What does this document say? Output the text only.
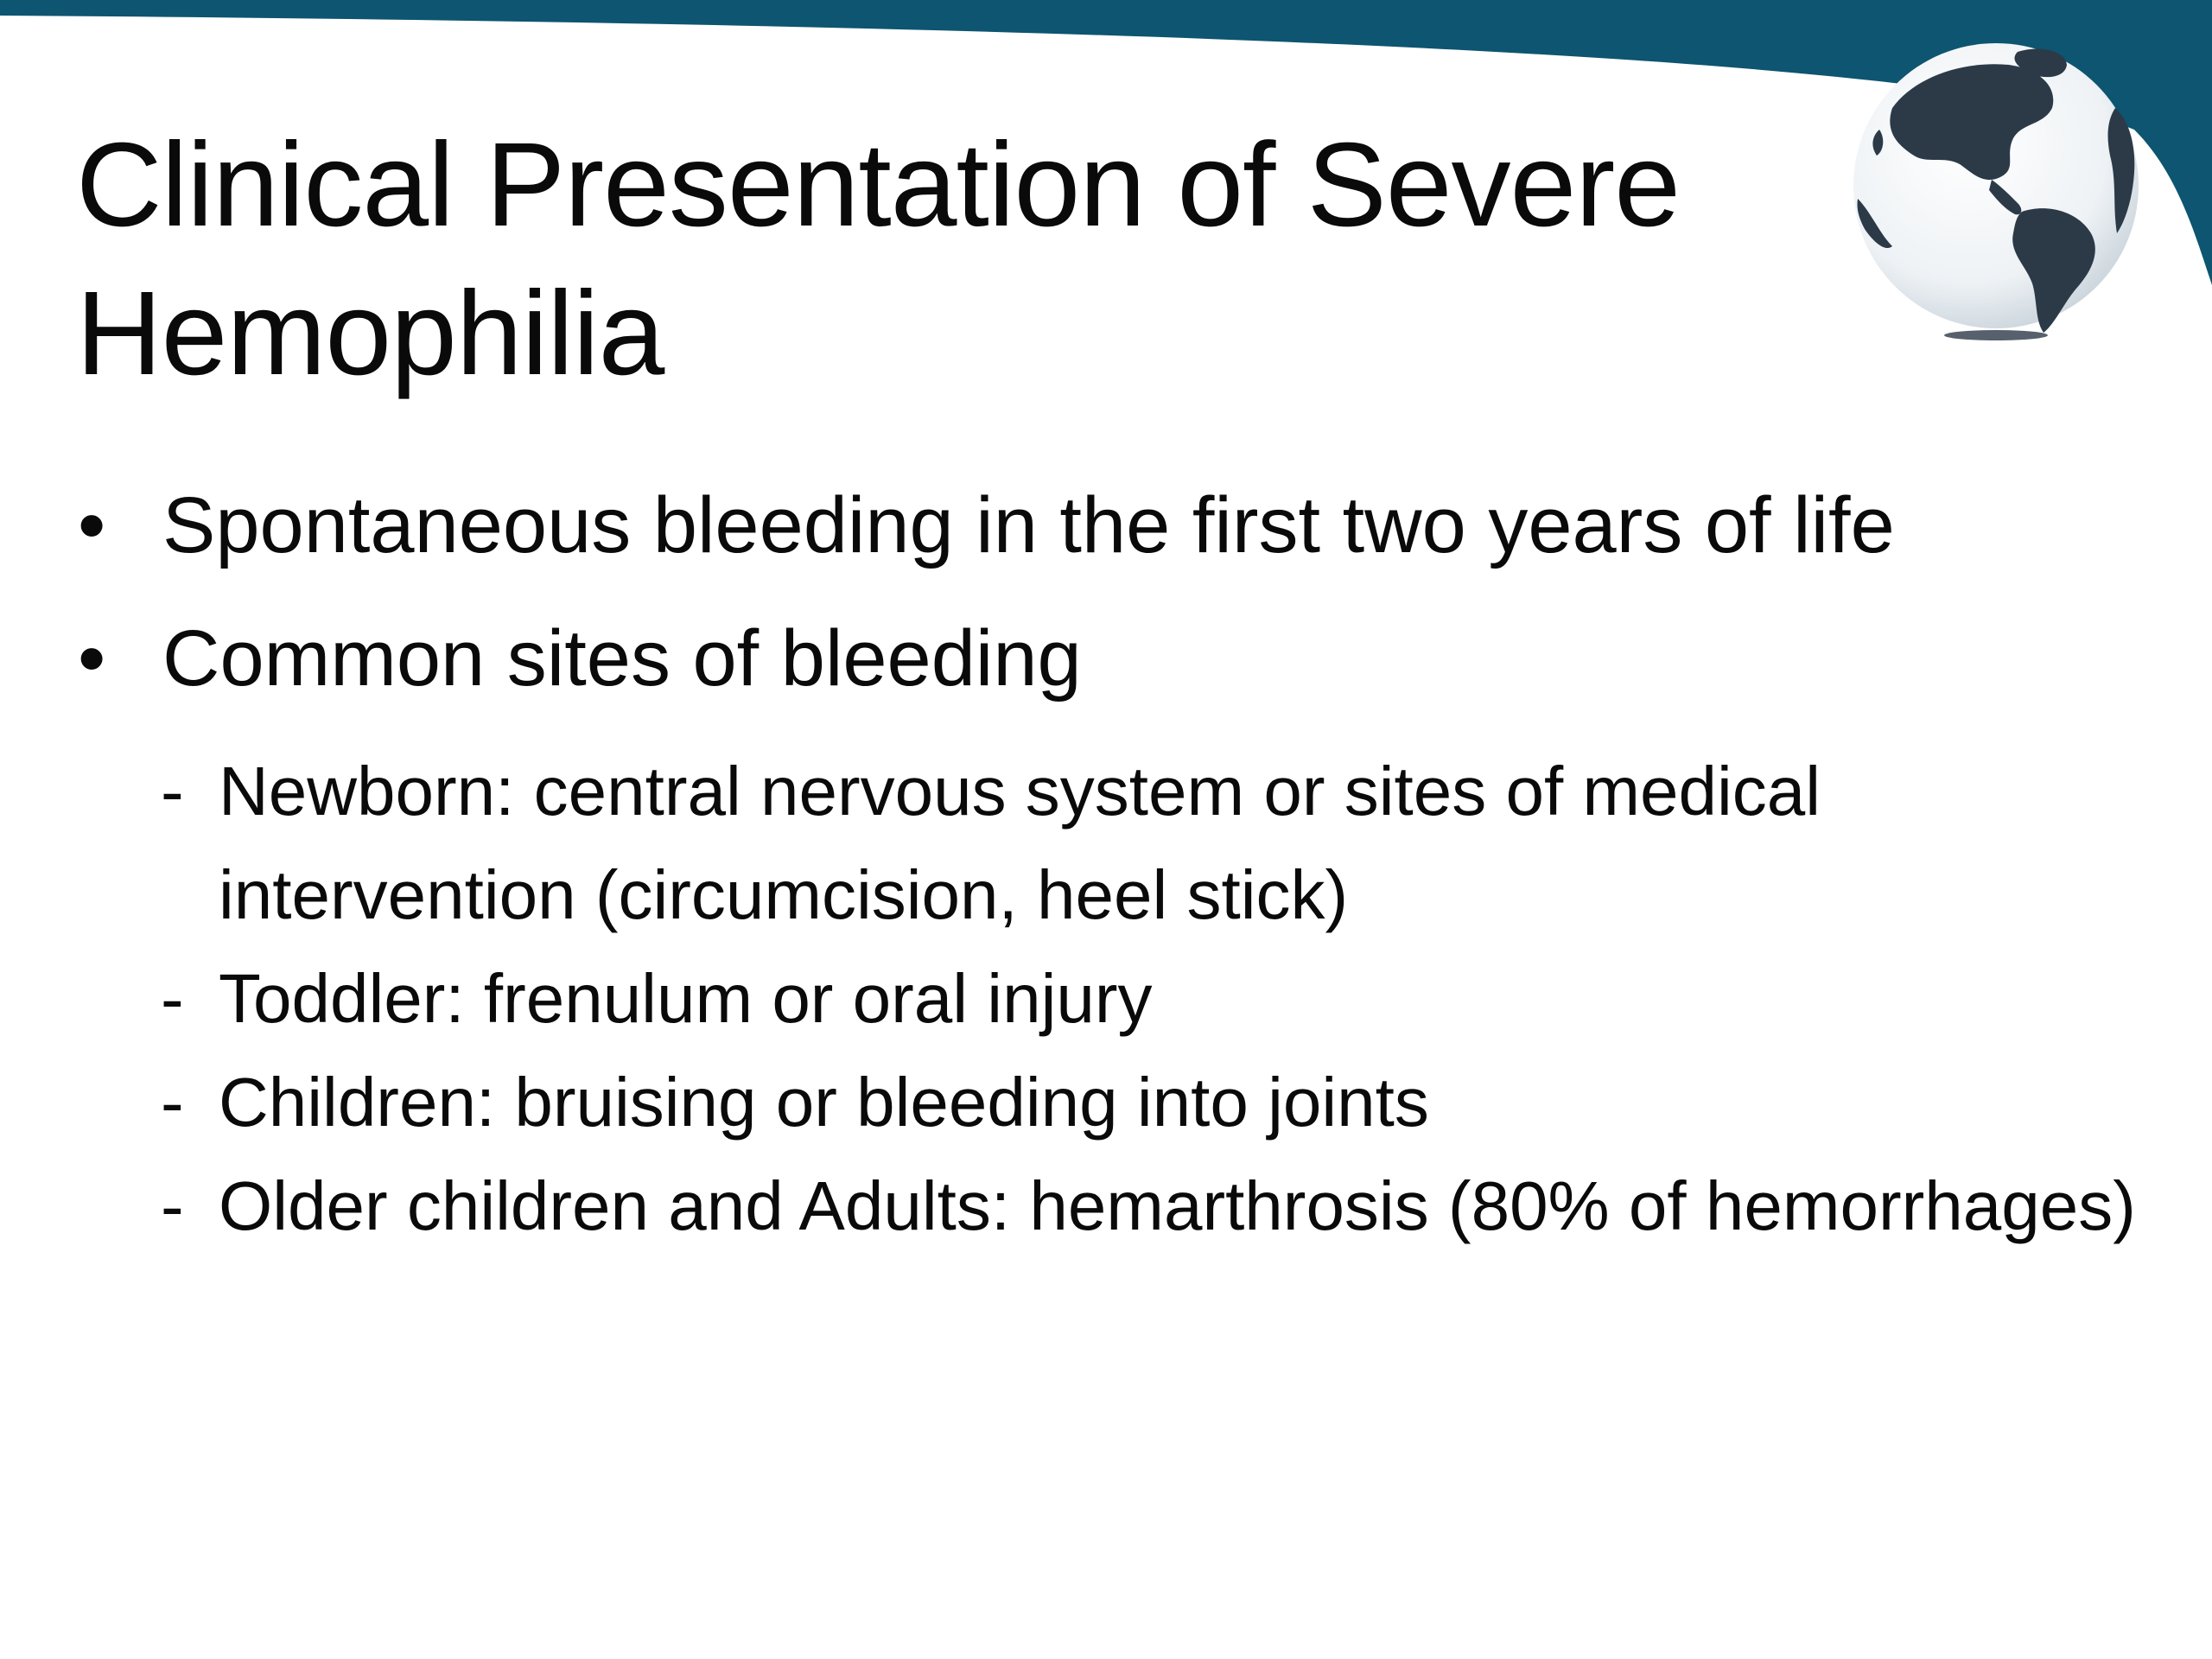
Clinical Presentation of Severe Hemophilia
• Spontaneous bleeding in the first two years of life
• Common sites of bleeding
- Newborn: central nervous system or sites of medical intervention (circumcision, heel stick)
- Toddler: frenulum or oral injury
- Children: bruising or bleeding into joints
- Older children and Adults: hemarthrosis (80% of hemorrhages)
